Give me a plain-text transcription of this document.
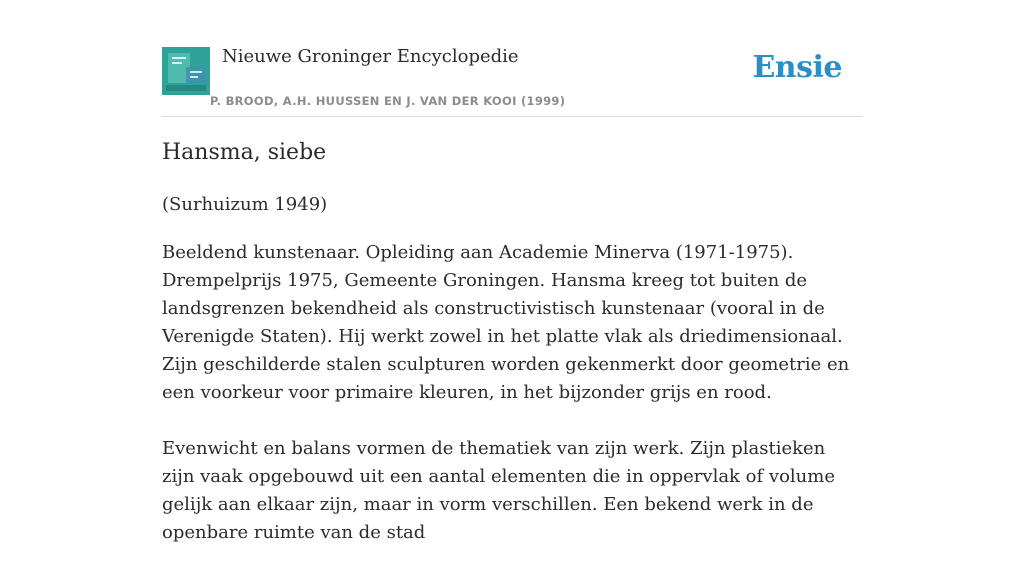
Nieuwe Groninger Encyclopedie
P. BROOD, A.H. HUUSSEN EN J. VAN DER KOOI (1999)
Ensie
Hansma, siebe
(Surhuizum 1949)

Beeldend kunstenaar. Opleiding aan Academie Minerva (1971-1975). Drempelprijs 1975, Gemeente Groningen. Hansma kreeg tot buiten de landsgrenzen bekendheid als constructivistisch kunstenaar (vooral in de Verenigde Staten). Hij werkt zowel in het platte vlak als driedimensionaal. Zijn geschilderde stalen sculpturen worden gekenmerkt door geometrie en een voorkeur voor primaire kleuren, in het bijzonder grijs en rood.

Evenwicht en balans vormen de thematiek van zijn werk. Zijn plastieken zijn vaak opgebouwd uit een aantal elementen die in oppervlak of volume gelijk aan elkaar zijn, maar in vorm verschillen. Een bekend werk in de openbare ruimte van de stad
